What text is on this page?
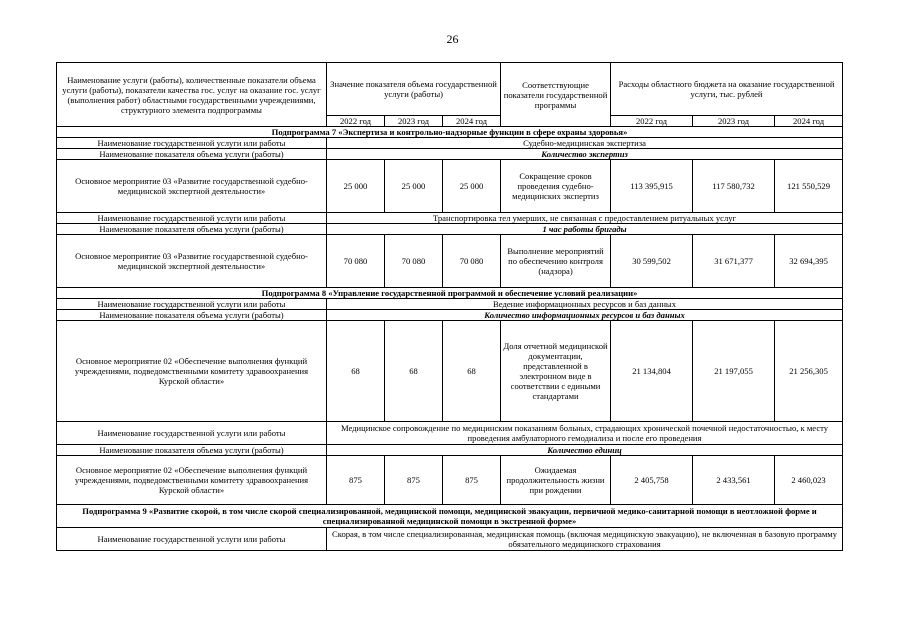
26
Наименование услуги (работы), количественные показатели объема услуги (работы), показатели качества гос. услуг на оказание гос. услуг (выполнения работ) областными государственными учреждениями, структурного элемента подпрограммы	Значение показателя объема государственной услуги (работы)			Соответствующие показатели государственной программы	Расходы областного бюджета на оказание государственной услуги, тыс. рублей		
	2022 год	2023 год	2024 год		2022 год	2023 год	2024 год
Подпрограмма 7 «Экспертиза и контрольно-надзорные функции в сфере охраны здоровья»							
Наименование государственной услуги или работы	Судебно-медицинская экспертиза						
Наименование показателя объема услуги (работы)	Количество экспертиз						
Основное мероприятие 03 «Развитие государственной судебно-медицинской экспертной деятельности»	25 000	25 000	25 000	Сокращение сроков проведения судебно-медицинских экспертиз	113 395,915	117 580,732	121 550,529
Наименование государственной услуги или работы	Транспортировка тел умерших, не связанная с предоставлением ритуальных услуг						
Наименование показателя объема услуги (работы)	1 час работы бригады						
Основное мероприятие 03 «Развитие государственной судебно-медицинской экспертной деятельности»	70 080	70 080	70 080	Выполнение мероприятий по обеспечению контроля (надзора)	30 599,502	31 671,377	32 694,395
Подпрограмма 8 «Управление государственной программой и обеспечение условий реализации»							
Наименование государственной услуги или работы	Ведение информационных ресурсов и баз данных						
Наименование показателя объема услуги (работы)	Количество информационных ресурсов и баз данных						
Основное мероприятие 02 «Обеспечение выполнения функций учреждениями, подведомственными комитету здравоохранения Курской области»	68	68	68	Доля отчетной медицинской документации, представленной в электронном виде в соответствии с едиными стандартами	21 134,804	21 197,055	21 256,305
Наименование государственной услуги или работы	Медицинское сопровождение по медицинским показаниям больных, страдающих хронической почечной недостаточностью, к месту проведения амбулаторного гемодиализа и после его проведения						
Наименование показателя объема услуги (работы)	Количество единиц						
Основное мероприятие 02 «Обеспечение выполнения функций учреждениями, подведомственными комитету здравоохранения Курской области»	875	875	875	Ожидаемая продолжительность жизни при рождении	2 405,758	2 433,561	2 460,023
Подпрограмма 9 «Развитие скорой, в том числе скорой специализированной, медицинской помощи, медицинской эвакуации, первичной медико-санитарной помощи в неотложной форме и специализированной медицинской помощи в экстренной форме»							
Наименование государственной услуги или работы	Скорая, в том числе специализированная, медицинская помощь (включая медицинскую эвакуацию), не включенная в базовую программу обязательного медицинского страхования						
